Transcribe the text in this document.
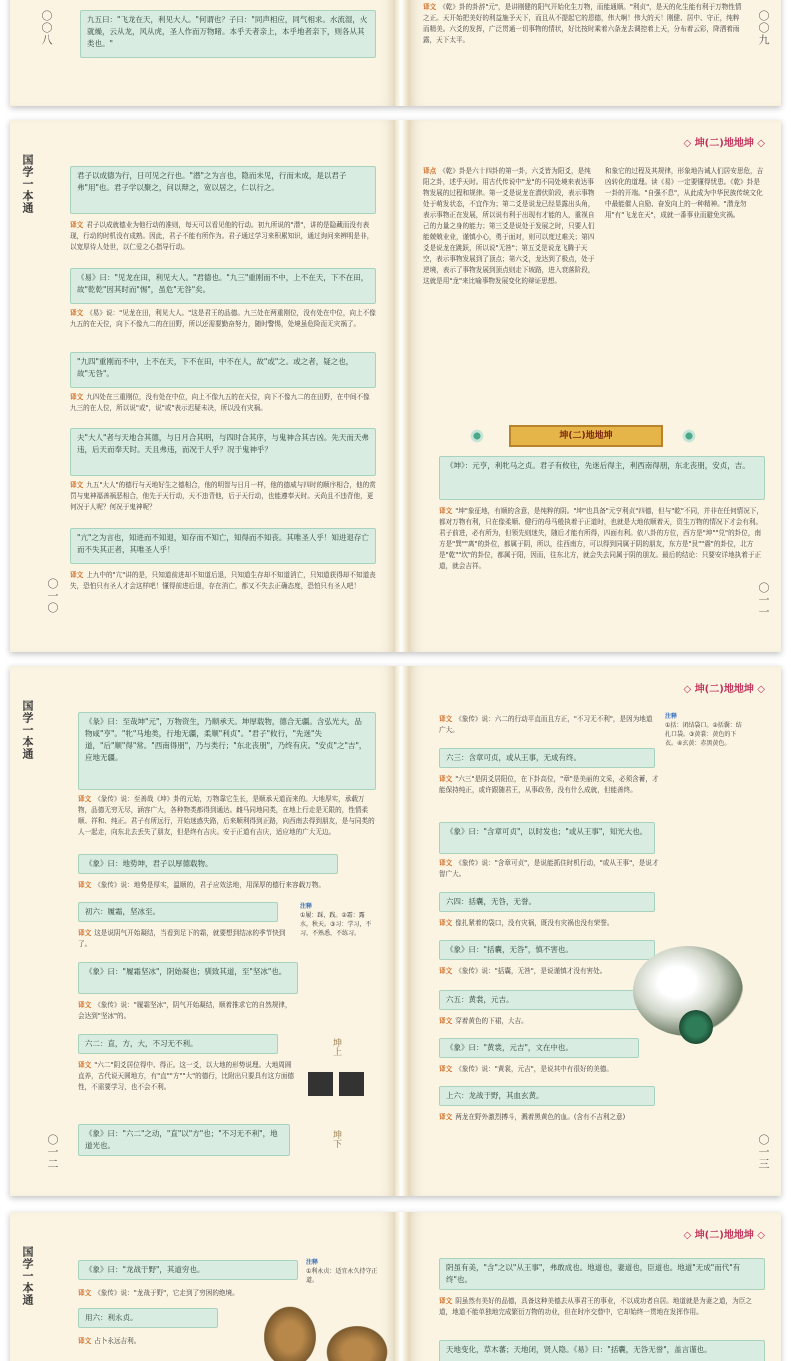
九五曰："飞龙在天，利见大人。"何谓也？子曰："同声相应，同气相求。水流湿，火就燥，云从龙，风从虎，圣人作而万物睹。本乎天者亲上，本乎地者亲下，则各从其类也。"
〇〇八
译文 《乾》卦的卦辞"元"，是讲刚健的阳气开始化生万物，而能通顺。"利贞"，是天的化生能有利于万物性情之正。天开始把美好的利益施予天下，而且从不提起它的恩德，伟大啊！伟大的天！刚健、居中、守正，纯粹而精美。六爻的发挥，广泛贯通一切事物的情状，好比按时乘着六条龙去调控着上天，分布着云彩，降洒着雨露，天下太平。	〇〇九
国学一本通	君子以成德为行，日可见之行也。"潜"之为言也，隐而未见，行而未成，是以君子弗"用"也。君子学以聚之，问以辩之，宽以居之，仁以行之。
译文 君子以成就德业为他行动的准则，每天可以看见他的行动。初九所说的"潜"，讲的是隐藏而没有表现，行动的时机没有成熟。因此，君子不能有所作为。君子通过学习来积累知识，通过询问来辨明是非，以宽厚待人处世，以仁爱之心指导行动。
《易》曰："见龙在田，利见大人。"君德也。"九三"重刚而不中，上不在天，下不在田，故"乾乾"因其时而"惕"，虽危"无咎"矣。
译文 《易》说："见龙在田，利见大人。"这是君王的品德。九三处在两重刚位，没有处在中位，向上不像九五的在天位，向下不像九二的在田野，所以还需要勤奋努力，随时警惕，处境虽危险而无灾祸了。
"九四"重刚而不中，上不在天，下不在田，中不在人，故"或"之。或之者，疑之也，故"无咎"。
译文 九四处在三重刚位，没有处在中位，向上不像九五的在天位，向下不像九二的在田野，在中间不像九三的在人位，所以说"或"，说"或"表示迟疑未决，所以没有灾祸。
夫"大人"者与天地合其德，与日月合其明，与四时合其序，与鬼神合其吉凶。先天而天弗违，后天而奉天时。天且弗违，而况于人乎？况于鬼神乎？
译文 九五"大人"的德行与天地好生之德相合，他的明智与日月一样，他的德威与四时的顺序相合，他的赏罚与鬼神福善祸恶相合，他先于天行动，天不违背他，后于天行动，也能遵奉天时。天尚且不违背他，更何况于人呢？何况于鬼神呢？
"亢"之为言也，知进而不知退，知存而不知亡，知得而不知丧。其唯圣人乎！知进退存亡而不失其正者，其唯圣人乎！
译文 上九中的"亢"讲的是，只知道前进却不知道后退，只知道生存却不知道消亡，只知道获得却不知道丧失，恐怕只有圣人才会这样吧！懂得前进后退，存在消亡，都又不失去正确态度，恐怕只有圣人吧！
〇一〇
◇ 坤(二)地地坤 ◇
译点 《乾》卦是六十四卦的第一卦，六爻皆为阳爻，是纯阳之卦，述乎天时。用古代传说中"龙"的不同处境来表达事物发展的过程和规律。第一爻是说龙在潜伏阶段，表示事物处于萌发状态，不宜作为；第二爻是说龙已经显露出头角，表示事物正在发展，所以说有利于出现有才能的人，重视自己的力量之身的能力；第三爻是说处于发展之时，只要人们能兢兢业业，谨慎小心，勇于面对，则可以度过难关；第四爻是说龙在跳跃，所以说"无咎"；第五爻是说龙飞腾于天空，表示事物发展到了顶点；第六爻，龙达到了极点，处于逆境，表示了事物发展到顶点则走下坡路，进入衰落阶段，这就是用"龙"来比喻事物发展变化的辩证思想。
和象它的过程及其规律，形象地告诫人们居安思危，吉凶转化的道理。读《易》一定要懂得忧患。《乾》卦是一卦的开端。"自强不息"，从此成为中华民族传统文化中最能催人自励、奋发向上的一种精神。"潜龙勿用"有"飞龙在天"，成就一番事业而避免灾祸。
坤(二)地地坤
《坤》：元亨，利牝马之贞。君子有攸往，先迷后得主，利西南得朋，东北丧朋，安贞，吉。
译文 "坤"象征地，有顺的含意，是纯粹的阴。"坤"也具备"元亨利贞"四德，但与"乾"不同，并非在任何情况下，都对万物有利，只在像柔顺、健行的母马般执着于正道时，也就是大地依顺着天，资生万物的情况下才会有利。君子前进，必有所为，但领先则迷失，随后才能有所得，四面有利。依八卦的方位，西方是"坤""兑"的卦位，南方是"巽""离"的卦位，都属于阴，所以，往西南方，可以得到同属于阴的朋友，东方是"艮""震"的卦位，北方是"乾""坎"的卦位，都属于阳，因而，往东北方，就会失去同属于阴的朋友。最后的结论：只要安详地执着于正道，就会吉祥。
〇一一
国学一本通	《彖》曰：至哉坤"元"，万物资生，乃顺承天。坤厚载物，德合无疆。含弘光大，品物咸"亨"。"牝"马地类，行地无疆，柔顺"利贞"。"君子"攸行，"先迷"失道，"后"顺"得"常。"西南得朋"，乃与类行；"东北丧朋"，乃终有庆。"安贞"之"吉"，应地无疆。
译文 《彖传》说：至善哉《坤》卦的元始，万物靠它生长，是顺承天道而来的。大地厚实，承载万物，品德无穷无尽，涵容广大，各种物类都得到通达。雌马同地同类，在地上行走是无限的，性情柔顺、祥和、纯正。君子有所远行，开始迷惑失路，后来顺利得到正路，向西南去得到朋友，是与同类的人一起走，向东北去丢失了朋友，但是终有吉庆。安于正道有吉庆，适应地的广大无边。
《象》曰：地势坤，君子以厚德载物。
译文 《象传》说：地势是厚实，温顺的，君子应效法地，用深厚的德行来容载万物。
初六：履霜，坚冰至。
注释
①履：踩，践。②霜：露水，秋天。③习：学习，不习，不熟悉，不练习。
译文 这是说阴气开始凝结，当看到足下的霜，就要想到结冰的季节快到了。
《象》曰："履霜坚冰"，阴始凝也；驯致其道，至"坚冰"也。
译文 《象传》说："履霜坚冰"，阴气开始凝结，顺着推求它的自然规律，会达到"坚冰"的。
六二：直，方，大，不习无不利。
译文 "六二"阴爻居位得中、得正。这一爻，以大地的形势说理。大地周圆直养，古代说天圆地方，有"直""方""大"的德行，比附出只要具有这方面德性，不需要学习，也不会不利。
《象》曰："六二"之动，"直"以"方"也；"不习无不利"，地道光也。
坤上
坤下
〇一二
◇ 坤(二)地地坤 ◇
译文 《象传》说：六二的行动平直而且方正，"不习无不利"，是因为地道广大。
注释
①括：闭结袋口。②括囊：结扎口袋。③黄裳：黄色的下衣。④玄黄：赤黑黄色。
六三：含章可贞，或从王事，无成有终。
译文 "六三"是阴爻居阳位，在下卦高位，"章"是美丽的文采，必须含蓄，才能保持纯正，或许跟随君王，从事政务，没有什么成就，但能善终。
《象》曰："含章可贞"，以时发也；"或从王事"，知光大也。
译文 《象传》说："含章可贞"，是说能抓住时机行动，"或从王事"，是说才智广大。
六四：括囊，无咎，无誉。
译文 像扎紧着的袋口，没有灾祸，既没有灾祸也没有荣誉。
《象》曰："括囊，无咎"，慎不害也。
译文 《象传》说："括囊，无咎"，是说谨慎才没有害处。
六五：黄裳，元吉。
译文 穿着黄色的下裙，大吉。
《象》曰："黄裳，元吉"，文在中也。
译文 《象传》说："黄裳，元吉"，是说其中有很好的美德。
上六：龙战于野，其血玄黄。
译文 两龙在野外激烈搏斗，溅着黑黄色的血。(含有不吉利之意)
〇一三
国学一本通	《象》曰："龙战于野"，其道穷也。
注释
①利永贞：适宜永久持守正道。
译文 《象传》说："龙战于野"，它走到了穷困的绝境。
用六：利永贞。
译文 占卜永远吉利。
◇ 坤(二)地地坤 ◇
阴虽有美，"含"之以"从王事"，弗敢成也。地道也，妻道也，臣道也。地道"无成"而代"有终"也。
译文 阴虽然有美好的品德，具备这种美德去从事君王的事业，不以成功者自居。地道就是为妻之道，为臣之道，地道不能单独地完成繁衍万物的功业，但在时序交替中，它却始终一贯地在发挥作用。
天地变化，草木蕃；天地闭，贤人隐。《易》曰："括囊，无咎无誉"，盖言谨也。
